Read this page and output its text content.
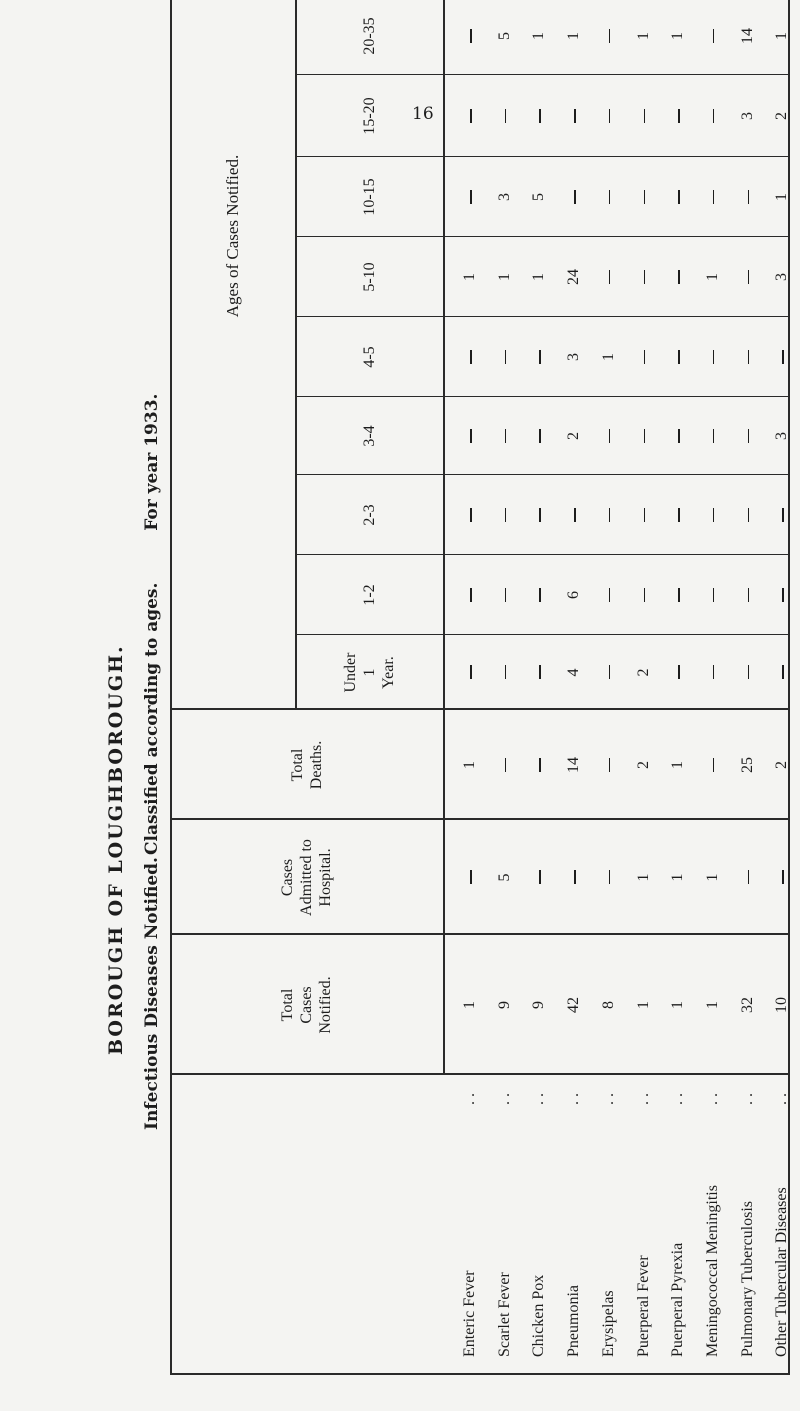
16
BOROUGH OF LOUGHBOROUGH. Infectious Diseases Notified.
Classified according to ages.  For year 1933.
Total Cases Notified.
Cases Admitted to Hospital.
Total Deaths.
Ages of Cases Notified.
Under 1 Year.
1-2
2-3
3-4
4-5
5-10
10-15
15-20
20-35
Enteric Fever
. .
1
1
1
Scarlet Fever
. .
9
5
1
3
5
Chicken Pox
. .
9
1
5
1
Pneumonia
. .
42
14
4
6
2
3
24
1
Erysipelas
. .
8
1
Puerperal Fever
. .
1
1
2
2
1
Puerperal Pyrexia
. .
1
1
1
1
Meningococcal Meningitis
. .
1
1
1
Pulmonary Tuberculosis
. .
32
25
3
14
Other Tubercular Diseases
. .
10
2
3
3
1
2
1
